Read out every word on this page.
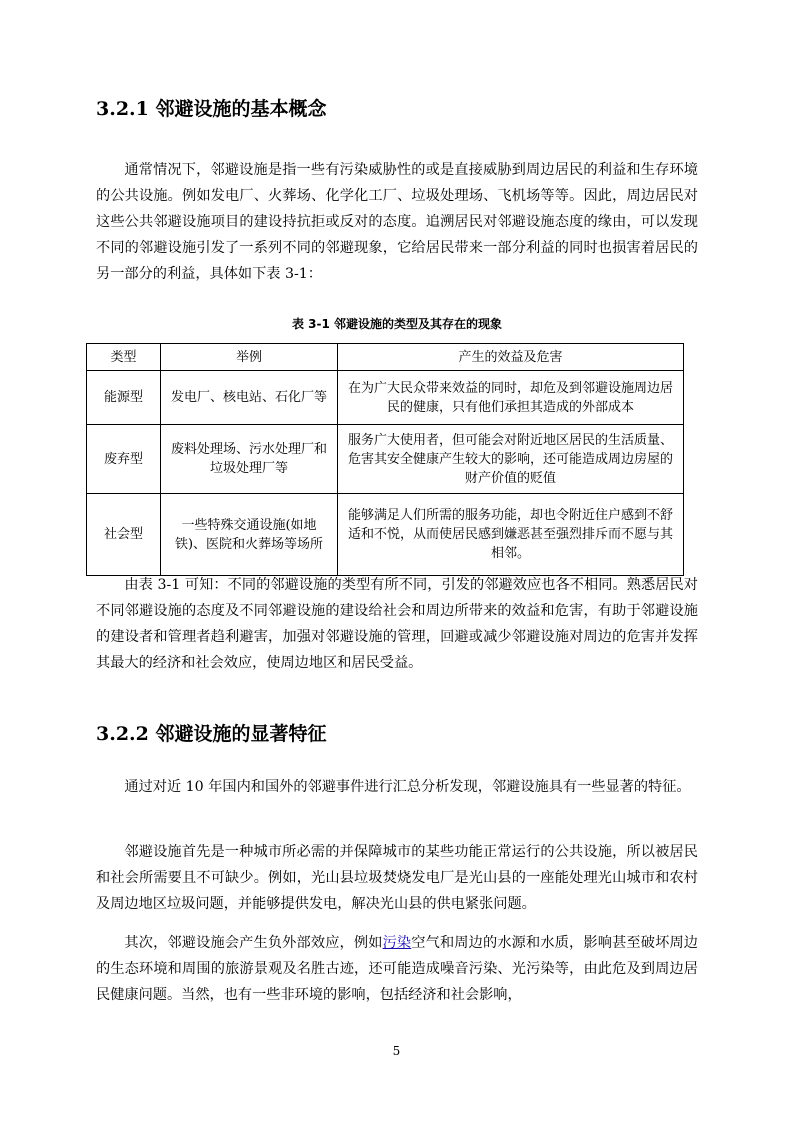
3.2.1 邻避设施的基本概念

通常情况下，邻避设施是指一些有污染威胁性的或是直接威胁到周边居民的利益和生存环境的公共设施。例如发电厂、火葬场、化学化工厂、垃圾处理场、飞机场等等。因此，周边居民对这些公共邻避设施项目的建设持抗拒或反对的态度。追溯居民对邻避设施态度的缘由，可以发现不同的邻避设施引发了一系列不同的邻避现象，它给居民带来一部分利益的同时也损害着居民的另一部分的利益，具体如下表 3-1：

表 3-1 邻避设施的类型及其存在的现象
类型	举例	产生的效益及危害
能源型	发电厂、核电站、石化厂等	在为广大民众带来效益的同时，却危及到邻避设施周边居民的健康，只有他们承担其造成的外部成本
废弃型	废料处理场、污水处理厂和垃圾处理厂等	服务广大使用者，但可能会对附近地区居民的生活质量、危害其安全健康产生较大的影响，还可能造成周边房屋的财产价值的贬值
社会型	一些特殊交通设施(如地铁)、医院和火葬场等场所	能够满足人们所需的服务功能，却也令附近住户感到不舒适和不悦，从而使居民感到嫌恶甚至强烈排斥而不愿与其相邻。

由表 3-1 可知：不同的邻避设施的类型有所不同，引发的邻避效应也各不相同。熟悉居民对不同邻避设施的态度及不同邻避设施的建设给社会和周边所带来的效益和危害，有助于邻避设施的建设者和管理者趋利避害，加强对邻避设施的管理，回避或减少邻避设施对周边的危害并发挥其最大的经济和社会效应，使周边地区和居民受益。

3.2.2 邻避设施的显著特征

通过对近 10 年国内和国外的邻避事件进行汇总分析发现，邻避设施具有一些显著的特征。

邻避设施首先是一种城市所必需的并保障城市的某些功能正常运行的公共设施，所以被居民和社会所需要且不可缺少。例如，光山县垃圾焚烧发电厂是光山县的一座能处理光山城市和农村及周边地区垃圾问题，并能够提供发电，解决光山县的供电紧张问题。

其次，邻避设施会产生负外部效应，例如污染空气和周边的水源和水质，影响甚至破坏周边的生态环境和周围的旅游景观及名胜古迹，还可能造成噪音污染、光污染等，由此危及到周边居民健康问题。当然，也有一些非环境的影响，包括经济和社会影响，

5
